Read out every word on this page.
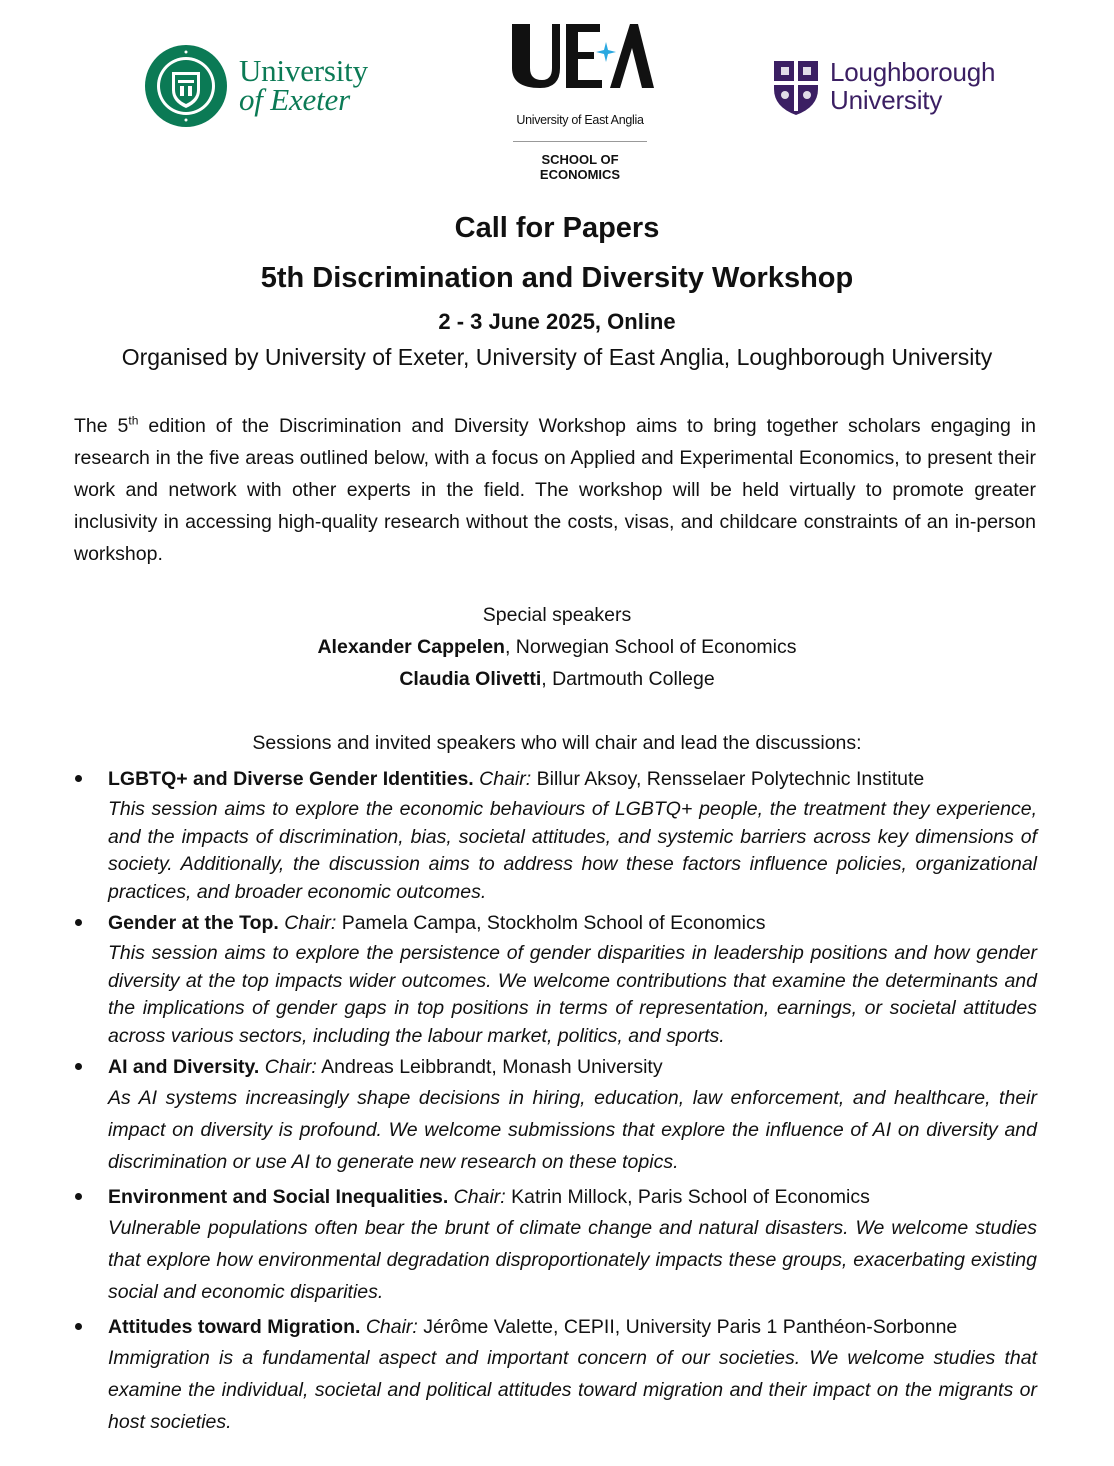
University
of Exeter
University of East Anglia
SCHOOL OF
ECONOMICS
Loughborough
University
Call for Papers
5th Discrimination and Diversity Workshop
2 - 3 June 2025, Online
Organised by University of Exeter, University of East Anglia, Loughborough University

The 5th edition of the Discrimination and Diversity Workshop aims to bring together scholars engaging in research in the five areas outlined below, with a focus on Applied and Experimental Economics, to present their work and network with other experts in the field. The workshop will be held virtually to promote greater inclusivity in accessing high-quality research without the costs, visas, and childcare constraints of an in-person workshop.

Special speakers
Alexander Cappelen, Norwegian School of Economics
Claudia Olivetti, Dartmouth College
Sessions and invited speakers who will chair and lead the discussions:
LGBTQ+ and Diverse Gender Identities. Chair: Billur Aksoy, Rensselaer Polytechnic Institute

This session aims to explore the economic behaviours of LGBTQ+ people, the treatment they experience, and the impacts of discrimination, bias, societal attitudes, and systemic barriers across key dimensions of society. Additionally, the discussion aims to address how these factors influence policies, organizational practices, and broader economic outcomes.

Gender at the Top. Chair: Pamela Campa, Stockholm School of Economics

This session aims to explore the persistence of gender disparities in leadership positions and how gender diversity at the top impacts wider outcomes. We welcome contributions that examine the determinants and the implications of gender gaps in top positions in terms of representation, earnings, or societal attitudes across various sectors, including the labour market, politics, and sports.

AI and Diversity. Chair: Andreas Leibbrandt, Monash University

As AI systems increasingly shape decisions in hiring, education, law enforcement, and healthcare, their impact on diversity is profound. We welcome submissions that explore the influence of AI on diversity and discrimination or use AI to generate new research on these topics.

Environment and Social Inequalities. Chair: Katrin Millock, Paris School of Economics

Vulnerable populations often bear the brunt of climate change and natural disasters. We welcome studies that explore how environmental degradation disproportionately impacts these groups, exacerbating existing social and economic disparities.

Attitudes toward Migration. Chair: Jérôme Valette, CEPII, University Paris 1 Panthéon-Sorbonne

Immigration is a fundamental aspect and important concern of our societies. We welcome studies that examine the individual, societal and political attitudes toward migration and their impact on the migrants or host societies.
